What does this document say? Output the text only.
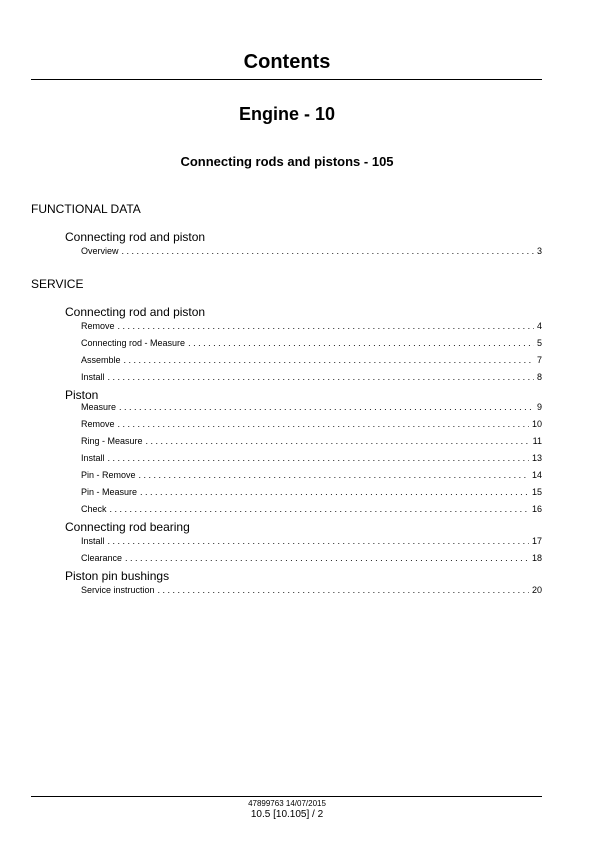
Contents
Engine - 10
Connecting rods and pistons - 105
FUNCTIONAL DATA
Connecting rod and piston
Overview . . .	3
SERVICE
Connecting rod and piston
Remove . . .	4
Connecting rod - Measure . . .	5
Assemble . . .	7
Install . . .	8
Piston
Measure . . .	9
Remove . . .	10
Ring - Measure . . .	11
Install . . .	13
Pin - Remove . . .	14
Pin - Measure . . .	15
Check . . .	16
Connecting rod bearing
Install . . .	17
Clearance . . .	18
Piston pin bushings
Service instruction . . .	20
47899763 14/07/2015
10.5 [10.105] / 2
